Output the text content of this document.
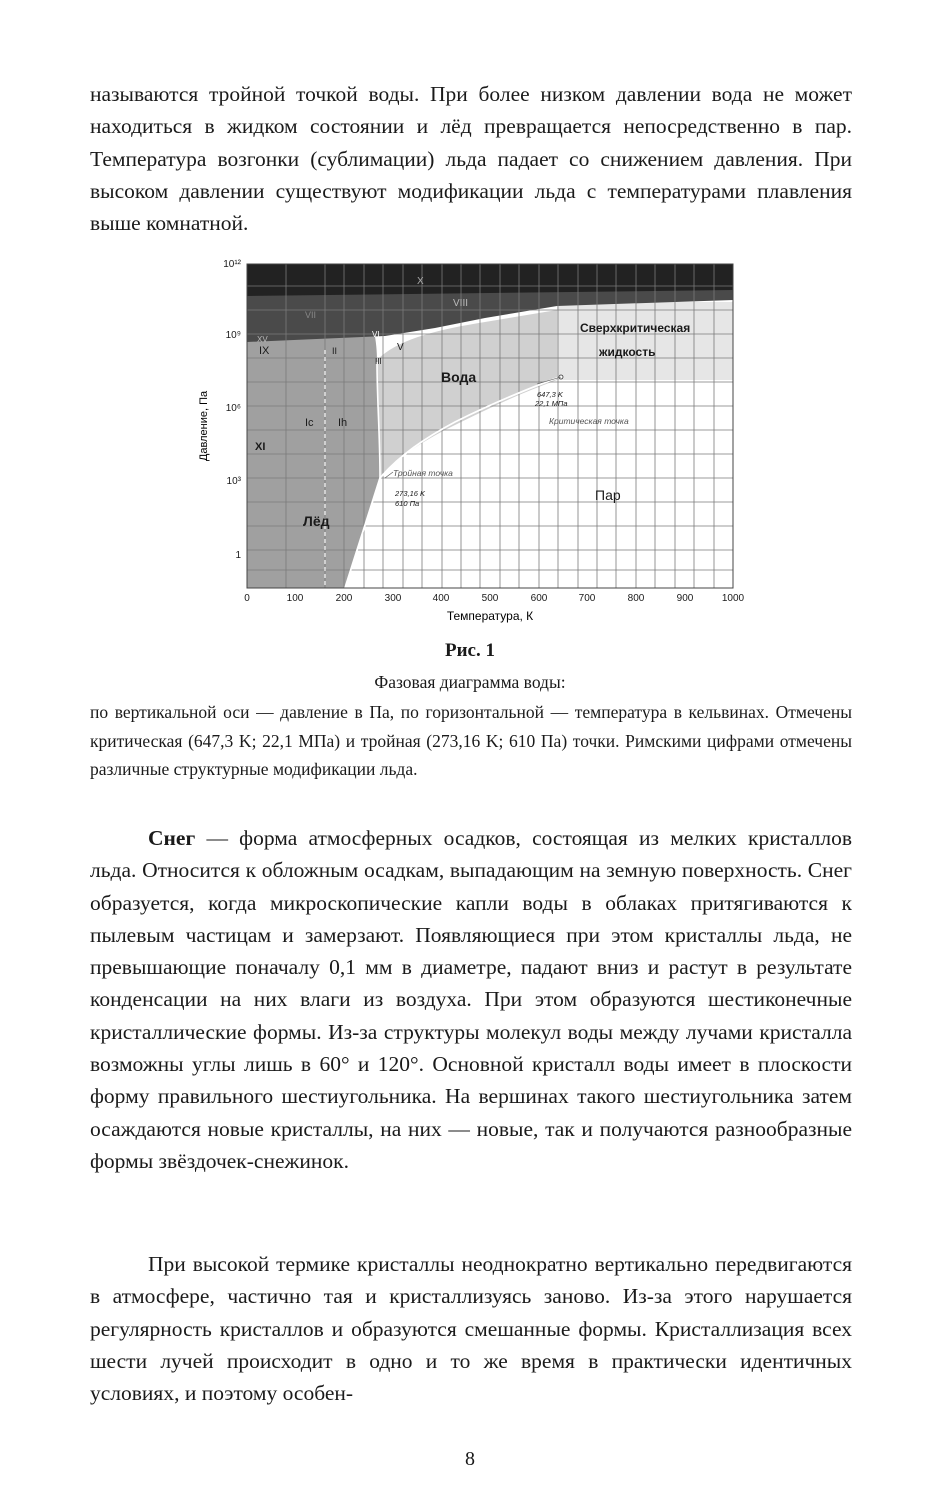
называются тройной точкой воды. При более низком давлении вода не может находиться в жидком состоянии и лёд превращается непосредственно в пар. Температура возгонки (сублимации) льда падает со снижением давления. При высоком давлении существуют модификации льда с температурами плавления выше комнатной.

X
VIII
VII
VI
V
II
III
IX
XV
Ic Ih
XI
Лёд
Вода
Сверхкритическая
жидкость
Пар
647,3 K
22,1 МПа
Критическая точка
Тройная точка
273,16 K
610 Па
10¹²
10⁹
10⁶
10³
1
0	100	200	300	400	500	600	700	800	900	1000
Температура, К
Давление, Па
Рис. 1
Фазовая диаграмма воды:

по вертикальной оси — давление в Па, по горизонтальной — температура в кельвинах. Отмечены критическая (647,3 K; 22,1 МПа) и тройная (273,16 K; 610 Па) точки. Римскими цифрами отмечены различные структурные модификации льда.

Снег — форма атмосферных осадков, состоящая из мелких кристаллов льда. Относится к обложным осадкам, выпадающим на земную поверхность. Снег образуется, когда микроскопические капли воды в облаках притягиваются к пылевым частицам и замерзают. Появляющиеся при этом кристаллы льда, не превышающие поначалу 0,1 мм в диаметре, падают вниз и растут в результате конденсации на них влаги из воздуха. При этом образуются шестиконечные кристаллические формы. Из-за структуры молекул воды между лучами кристалла возможны углы лишь в 60° и 120°. Основной кристалл воды имеет в плоскости форму правильного шестиугольника. На вершинах такого шестиугольника затем осаждаются новые кристаллы, на них — новые, так и получаются разнообразные формы звёздочек-снежинок.

При высокой термике кристаллы неоднократно вертикально передвигаются в атмосфере, частично тая и кристаллизуясь заново. Из-за этого нарушается регулярность кристаллов и образуются смешанные формы. Кристаллизация всех шести лучей происходит в одно и то же время в практически идентичных условиях, и поэтому особен-

8
